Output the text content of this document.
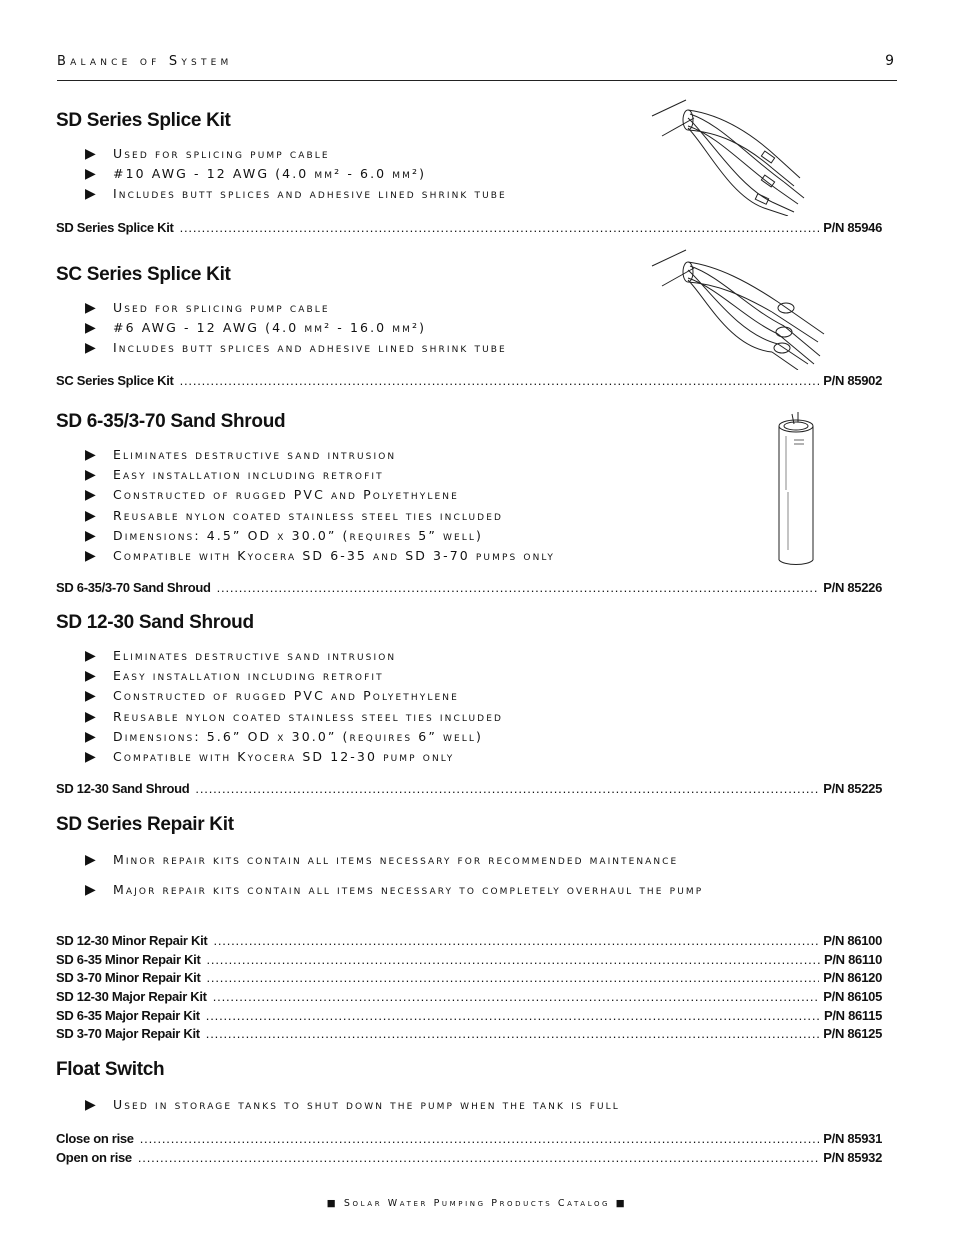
Balance of System	9
SD Series Splice Kit
▶ Used for splicing pump cable
▶ #10 AWG - 12 AWG (4.0 mm² - 6.0 mm²)
▶ Includes butt splices and adhesive lined shrink tube
SD Series Splice Kit . . .	P/N 85946
SC Series Splice Kit
▶ Used for splicing pump cable
▶ #6 AWG - 12 AWG (4.0 mm² - 16.0 mm²)
▶ Includes butt splices and adhesive lined shrink tube
SC Series Splice Kit . . .	P/N 85902
SD 6-35/3-70 Sand Shroud
▶ Eliminates destructive sand intrusion
▶ Easy installation including retrofit
▶ Constructed of rugged PVC and Polyethylene
▶ Reusable nylon coated stainless steel ties included
▶ Dimensions: 4.5” OD x 30.0” (requires 5” well)
▶ Compatible with Kyocera SD 6-35 and SD 3-70 pumps only
SD 6-35/3-70 Sand Shroud . . .	P/N 85226
SD 12-30 Sand Shroud
▶ Eliminates destructive sand intrusion
▶ Easy installation including retrofit
▶ Constructed of rugged PVC and Polyethylene
▶ Reusable nylon coated stainless steel ties included
▶ Dimensions: 5.6” OD x 30.0” (requires 6” well)
▶ Compatible with Kyocera SD 12-30 pump only
SD 12-30 Sand Shroud . . .	P/N 85225
SD Series Repair Kit
▶ Minor repair kits contain all items necessary for recommended maintenance
▶ Major repair kits contain all items necessary to completely overhaul the pump
SD 12-30 Minor Repair Kit . . .	P/N 86100
SD 6-35 Minor Repair Kit . . .	P/N 86110
SD 3-70 Minor Repair Kit . . .	P/N 86120
SD 12-30 Major Repair Kit . . .	P/N 86105
SD 6-35 Major Repair Kit . . .	P/N 86115
SD 3-70 Major Repair Kit . . .	P/N 86125
Float Switch
▶ Used in storage tanks to shut down the pump when the tank is full
Close on rise . . .	P/N 85931
Open on rise . . .	P/N 85932
■ Solar Water Pumping Products Catalog ■
